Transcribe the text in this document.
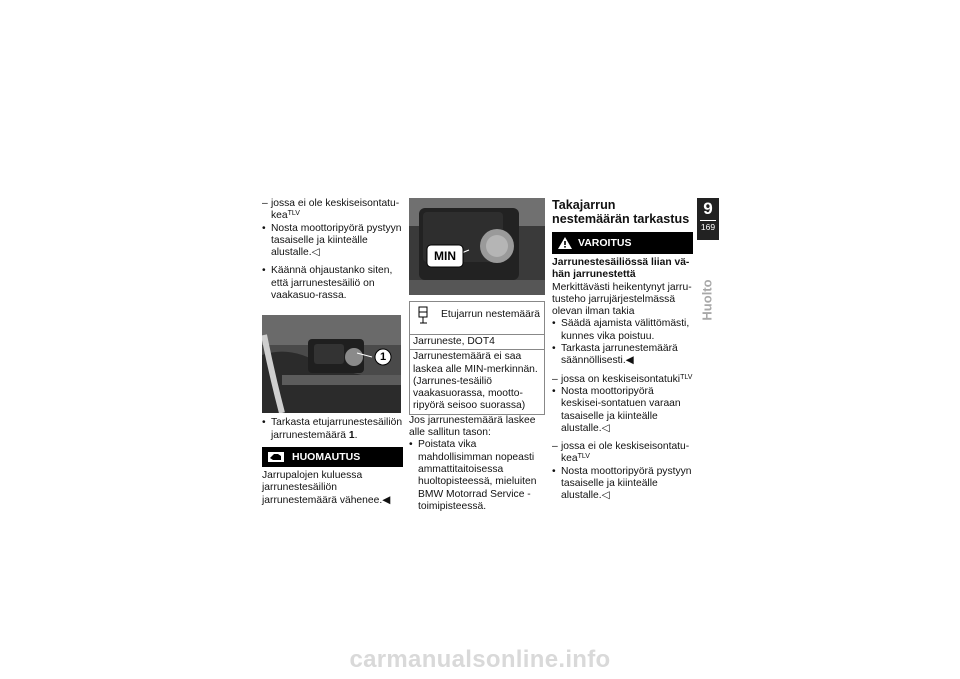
– jossa ei ole keskiseisontatu-kea$^{TLV}$

• Nosta moottoripyörä pystyyn tasaiselle ja kiinteälle alustalle.◁

• Käännä ohjaustanko siten, että jarrunestesäiliö on vaakasuo-rassa.

1

• Tarkasta etujarrunestesäiliön jarrunestemäärä 1.

HUOMAUTUS

Jarrupalojen kuluessa jarrunestesäiliön jarrunestemäärä vähenee.◀

MIN
Etujarrun nestemäärä
Jarruneste, DOT4
Jarrunestemäärä ei saa laskea alle MIN-merkinnän. (Jarrunes-tesäiliö vaakasuorassa, mootto-ripyörä seisoo suorassa)

Jos jarrunestemäärä laskee alle sallitun tason:

• Poistata vika mahdollisimman nopeasti ammattitaitoisessa huoltopisteessä, mieluiten BMW Motorrad Service -toimipisteessä.

Takajarrun nestemäärän tarkastus
VAROITUS

Jarrunestesäiliössä liian vä-hän jarrunestettä

Merkittävästi heikentynyt jarru-tusteho jarrujärjestelmässä olevan ilman takia

• Säädä ajamista välittömästi, kunnes vika poistuu.

• Tarkasta jarrunestemäärä säännöllisesti.◀

– jossa on keskiseisontatuki$^{TLV}$

• Nosta moottoripyörä keskisei-sontatuen varaan tasaiselle ja kiinteälle alustalle.◁

– jossa ei ole keskiseisontatu-kea$^{TLV}$

• Nosta moottoripyörä pystyyn tasaiselle ja kiinteälle alustalle.◁

9
169
Huolto
carmanualsonline.info
